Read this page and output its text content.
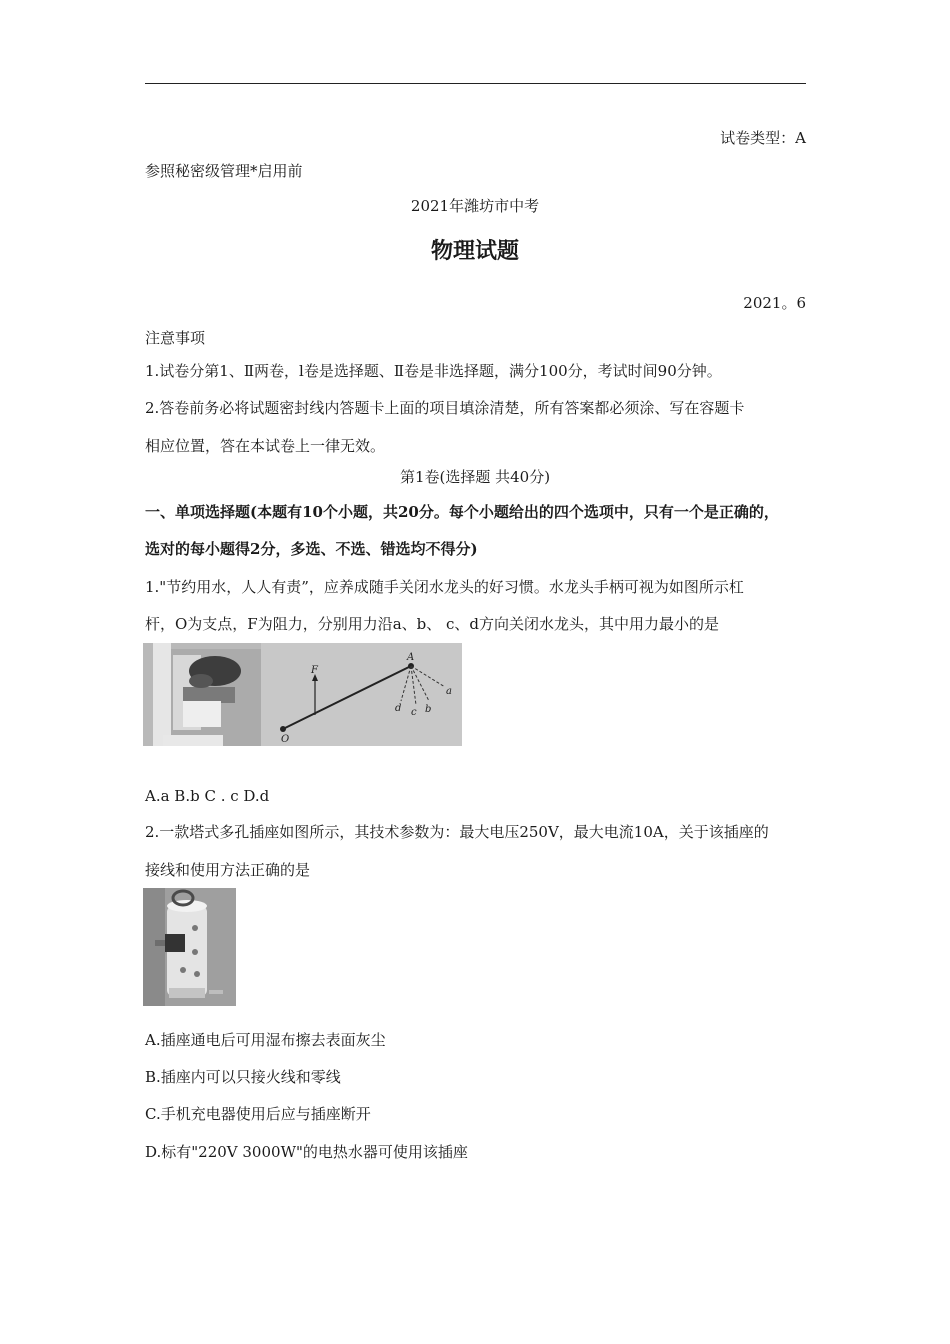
试卷类型：A
参照秘密级管理*启用前
2021年潍坊市中考
物理试题
2021。6
注意事项
1.试卷分第1、Ⅱ两卷，l卷是选择题、Ⅱ卷是非选择题，满分100分，考试时间90分钟。
2.答卷前务必将试题密封线内答题卡上面的项目填涂清楚，所有答案都必须涂、写在容题卡
相应位置，答在本试卷上一律无效。
第1卷(选择题 共40分)
一、单项选择题(本题有10个小题，共20分。每个小题给出的四个选项中，只有一个是正确的，
选对的每小题得2分，多选、不选、错选均不得分)
1."节约用水，人人有责”，应养成随手关闭水龙头的好习惯。水龙头手柄可视为如图所示杠
杆，O为支点，F为阻力，分别用力沿a、b、 c、d方向关闭水龙头，其中用力最小的是
F
A
O
a
b
c
d
A.a B.b C . c D.d
2.一款塔式多孔插座如图所示，其技术参数为：最大电压250V，最大电流10A，关于该插座的
接线和使用方法正确的是
A.插座通电后可用湿布擦去表面灰尘
B.插座内可以只接火线和零线
C.手机充电器使用后应与插座断开
D.标有"220V 3000W"的电热水器可使用该插座
